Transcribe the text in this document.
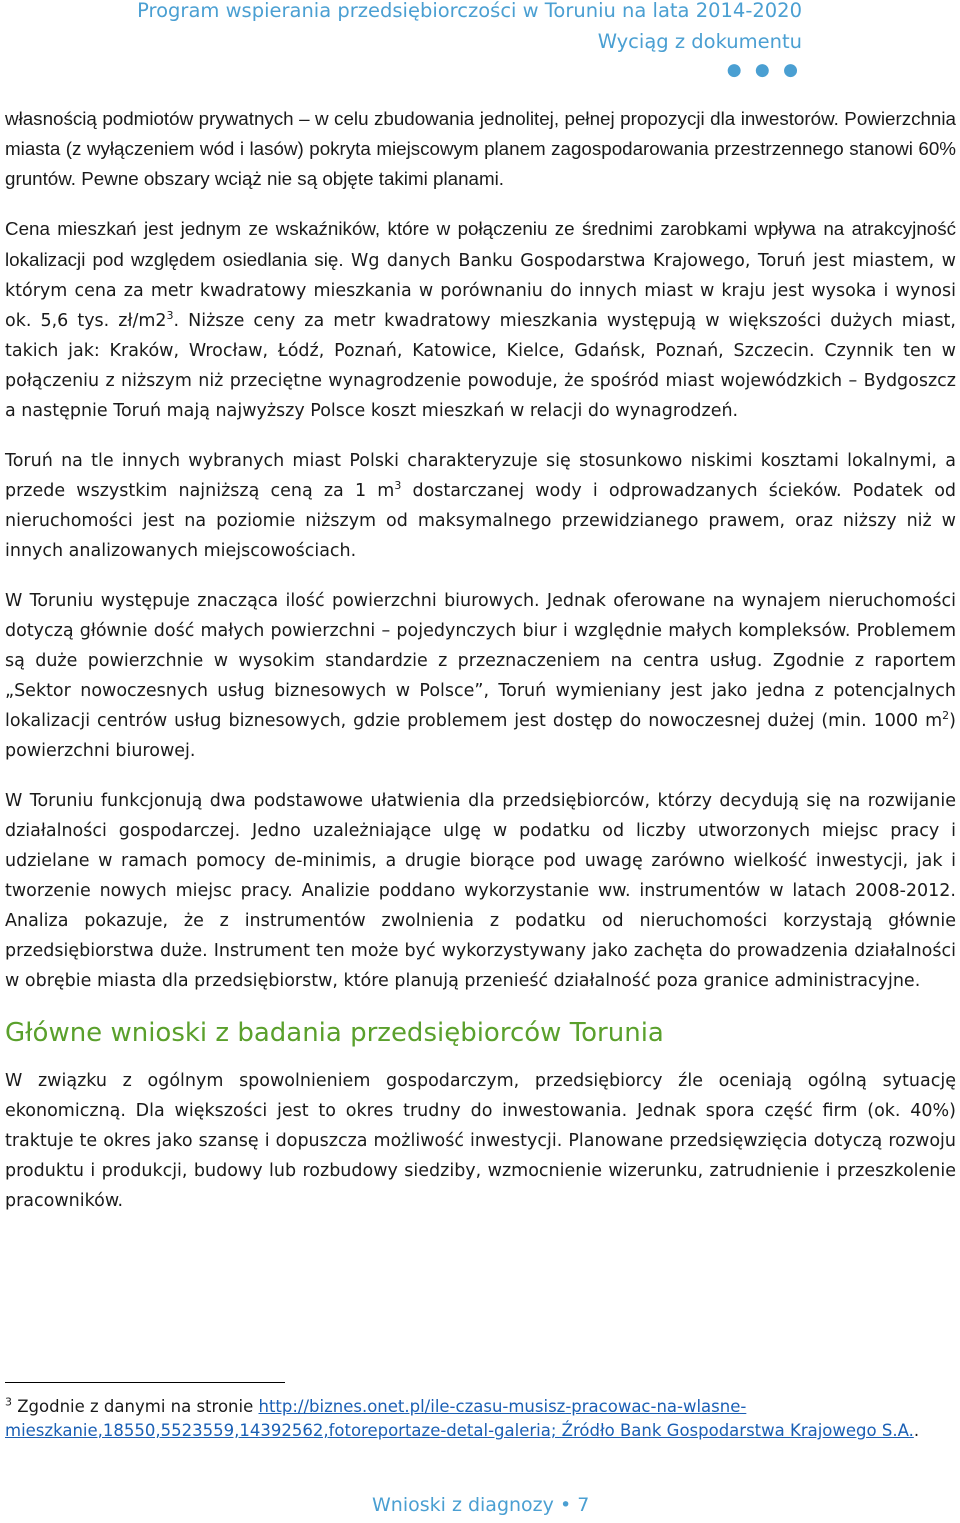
Program wspierania przedsiębiorczości w Toruniu na lata 2014-2020
Wyciąg z dokumentu
● ● ●

własnością podmiotów prywatnych – w celu zbudowania jednolitej, pełnej propozycji dla inwestorów. Powierzchnia miasta (z wyłączeniem wód i lasów) pokryta miejscowym planem zagospodarowania przestrzennego stanowi 60% gruntów. Pewne obszary wciąż nie są objęte takimi planami.

Cena mieszkań jest jednym ze wskaźników, które w połączeniu ze średnimi zarobkami wpływa na atrakcyjność lokalizacji pod względem osiedlania się. Wg danych Banku Gospodarstwa Krajowego, Toruń jest miastem, w którym cena za metr kwadratowy mieszkania w porównaniu do innych miast w kraju jest wysoka i wynosi ok. 5,6 tys. $zł/m2^3$. Niższe ceny za metr kwadratowy mieszkania występują w większości dużych miast, takich jak: Kraków, Wrocław, Łódź, Poznań, Katowice, Kielce, Gdańsk, Poznań, Szczecin. Czynnik ten w połączeniu z niższym niż przeciętne wynagrodzenie powoduje, że spośród miast wojewódzkich – Bydgoszcz a następnie Toruń mają najwyższy Polsce koszt mieszkań w relacji do wynagrodzeń.

Toruń na tle innych wybranych miast Polski charakteryzuje się stosunkowo niskimi kosztami lokalnymi, a przede wszystkim najniższą ceną za 1 $m^3$ dostarczanej wody i odprowadzanych ścieków. Podatek od nieruchomości jest na poziomie niższym od maksymalnego przewidzianego prawem, oraz niższy niż w innych analizowanych miejscowościach.

W Toruniu występuje znacząca ilość powierzchni biurowych. Jednak oferowane na wynajem nieruchomości dotyczą głównie dość małych powierzchni – pojedynczych biur i względnie małych kompleksów. Problemem są duże powierzchnie w wysokim standardzie z przeznaczeniem na centra usług. Zgodnie z raportem „Sektor nowoczesnych usług biznesowych w Polsce”, Toruń wymieniany jest jako jedna z potencjalnych lokalizacji centrów usług biznesowych, gdzie problemem jest dostęp do nowoczesnej dużej (min. 1000 $m^2$) powierzchni biurowej.

W Toruniu funkcjonują dwa podstawowe ułatwienia dla przedsiębiorców, którzy decydują się na rozwijanie działalności gospodarczej. Jedno uzależniające ulgę w podatku od liczby utworzonych miejsc pracy i udzielane w ramach pomocy de-minimis, a drugie biorące pod uwagę zarówno wielkość inwestycji, jak i tworzenie nowych miejsc pracy. Analizie poddano wykorzystanie ww. instrumentów w latach 2008-2012. Analiza pokazuje, że z instrumentów zwolnienia z podatku od nieruchomości korzystają głównie przedsiębiorstwa duże. Instrument ten może być wykorzystywany jako zachęta do prowadzenia działalności w obrębie miasta dla przedsiębiorstw, które planują przenieść działalność poza granice administracyjne.

Główne wnioski z badania przedsiębiorców Torunia

W związku z ogólnym spowolnieniem gospodarczym, przedsiębiorcy źle oceniają ogólną sytuację ekonomiczną. Dla większości jest to okres trudny do inwestowania. Jednak spora część firm (ok. 40%) traktuje te okres jako szansę i dopuszcza możliwość inwestycji. Planowane przedsięwzięcia dotyczą rozwoju produktu i produkcji, budowy lub rozbudowy siedziby, wzmocnienie wizerunku, zatrudnienie i przeszkolenie pracowników.

$^3$ Zgodnie z danymi na stronie http://biznes.onet.pl/ile-czasu-musisz-pracowac-na-wlasne-mieszkanie,18550,5523559,14392562,fotoreportaze-detal-galeria; Źródło Bank Gospodarstwa Krajowego S.A..
Wnioski z diagnozy • 7
